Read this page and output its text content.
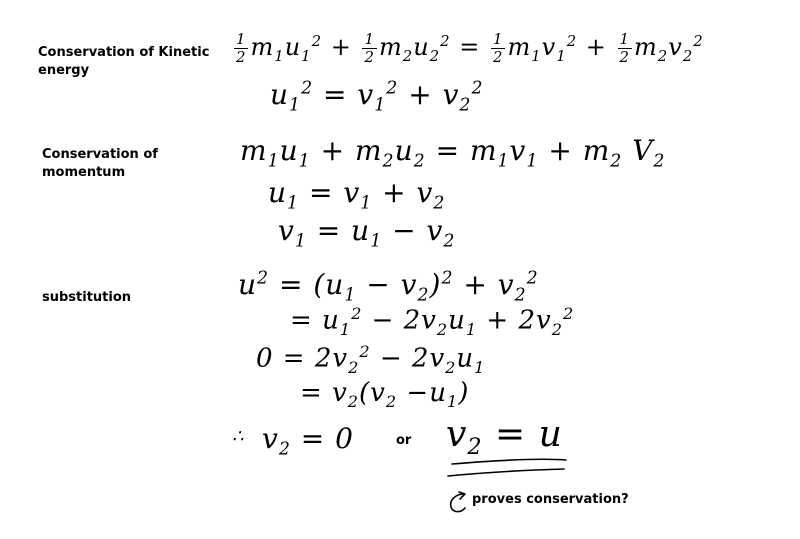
Conservation of Kinetic
energy
Conservation of
momentum
substitution
or
proves conservation?
$\frac{1}{2} m_1u_1^2 + \frac{1}{2} m_2u_2^2 = \frac{1}{2} m_1v_1^2 + \frac{1}{2} m_2v_2^2$
$u_1^2 = v_1^2 + v_2^2$
$m_1u_1 + m_2u_2 = m_1v_1 + m_2$ $V_2$
$u_1 = v_1 + v_2$
$v_1 = u_1 - v_2$
$u^2 = (u_1 - v_2)^2 + v_2^2$
= $u_1^2 - 2v_2u_1 + 2v_2^2$
$0 = 2v_2^2 - 2v_2u_1$
= $v_2(v_2 -u_1)$
∴ $v_2 = 0$	$v_2 = u$
